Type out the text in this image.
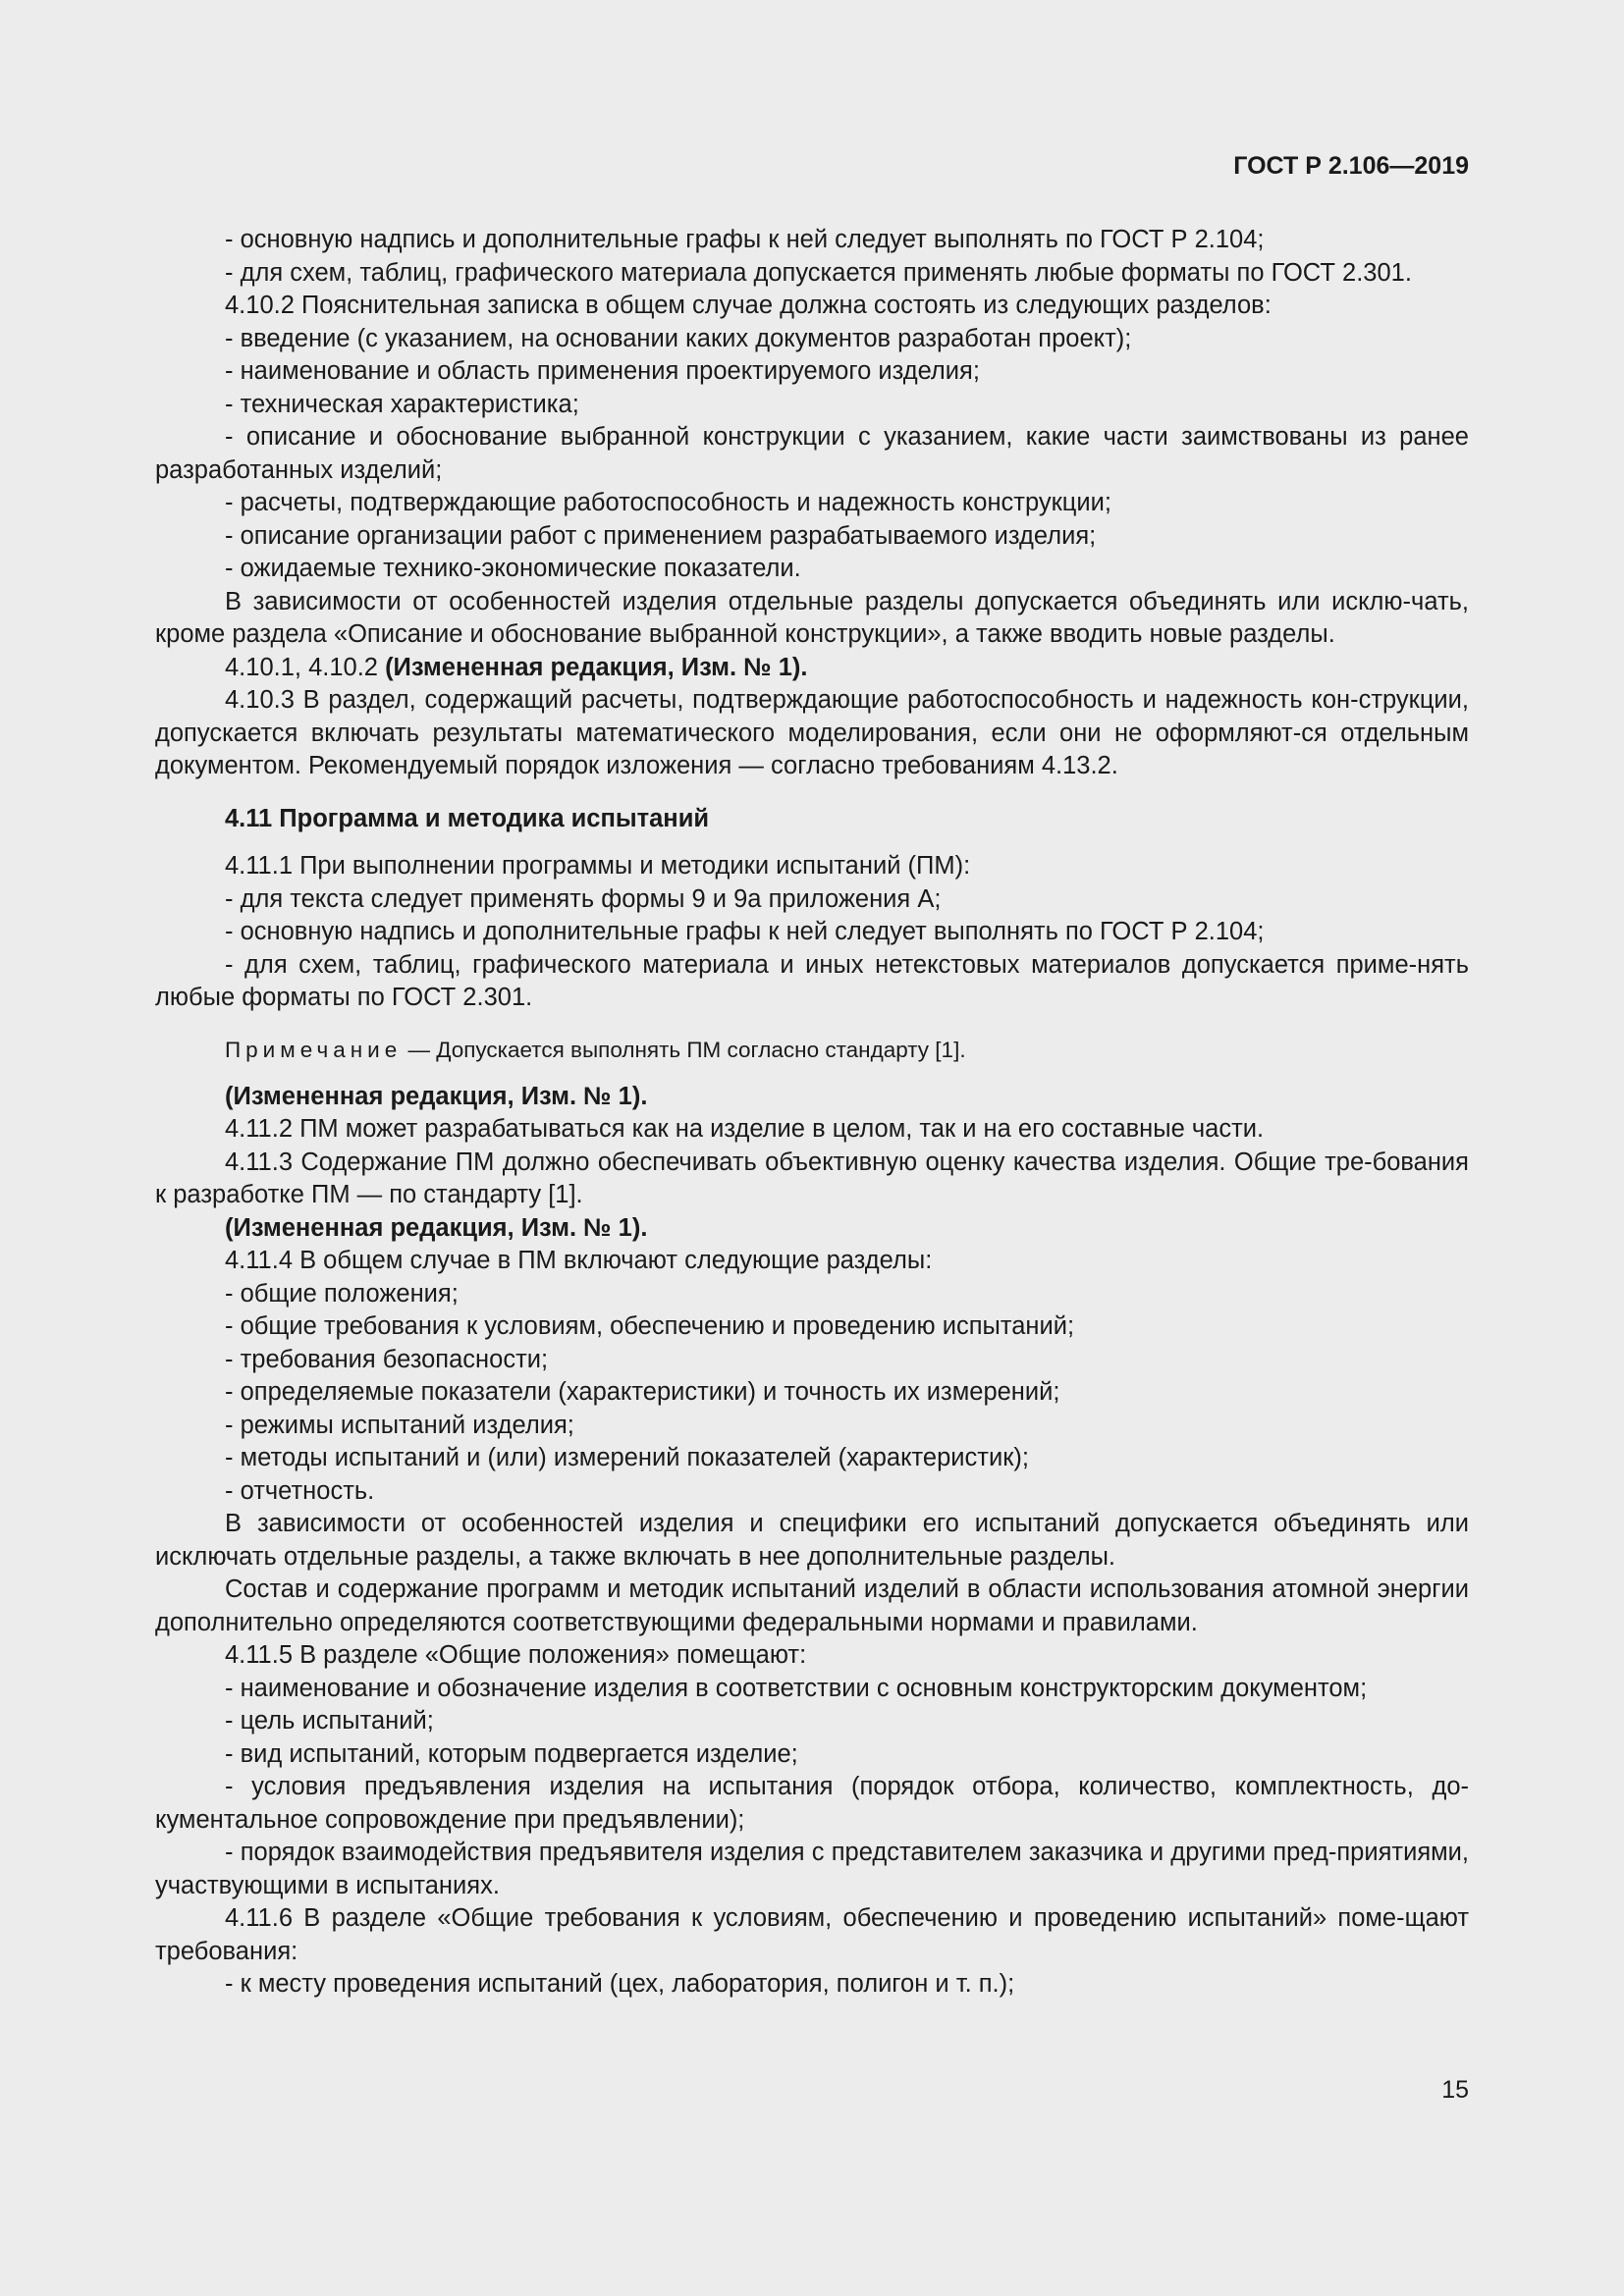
ГОСТ Р 2.106—2019

- основную надпись и дополнительные графы к ней следует выполнять по ГОСТ Р 2.104;

- для схем, таблиц, графического материала допускается применять любые форматы по ГОСТ 2.301.

4.10.2 Пояснительная записка в общем случае должна состоять из следующих разделов:

- введение (с указанием, на основании каких документов разработан проект);

- наименование и область применения проектируемого изделия;

- техническая характеристика;

- описание и обоснование выбранной конструкции с указанием, какие части заимствованы из ранее разработанных изделий;

- расчеты, подтверждающие работоспособность и надежность конструкции;

- описание организации работ с применением разрабатываемого изделия;

- ожидаемые технико-экономические показатели.

В зависимости от особенностей изделия отдельные разделы допускается объединять или исклю-чать, кроме раздела «Описание и обоснование выбранной конструкции», а также вводить новые разделы.

4.10.1, 4.10.2 (Измененная редакция, Изм. № 1).

4.10.3 В раздел, содержащий расчеты, подтверждающие работоспособность и надежность кон-струкции, допускается включать результаты математического моделирования, если они не оформляют-ся отдельным документом. Рекомендуемый порядок изложения — согласно требованиям 4.13.2.

4.11 Программа и методика испытаний

4.11.1 При выполнении программы и методики испытаний (ПМ):

- для текста следует применять формы 9 и 9а приложения А;

- основную надпись и дополнительные графы к ней следует выполнять по ГОСТ Р 2.104;

- для схем, таблиц, графического материала и иных нетекстовых материалов допускается приме-нять любые форматы по ГОСТ 2.301.

Примечание — Допускается выполнять ПМ согласно стандарту [1].

(Измененная редакция, Изм. № 1).

4.11.2 ПМ может разрабатываться как на изделие в целом, так и на его составные части.

4.11.3 Содержание ПМ должно обеспечивать объективную оценку качества изделия. Общие тре-бования к разработке ПМ — по стандарту [1].

(Измененная редакция, Изм. № 1).

4.11.4 В общем случае в ПМ включают следующие разделы:

- общие положения;

- общие требования к условиям, обеспечению и проведению испытаний;

- требования безопасности;

- определяемые показатели (характеристики) и точность их измерений;

- режимы испытаний изделия;

- методы испытаний и (или) измерений показателей (характеристик);

- отчетность.

В зависимости от особенностей изделия и специфики его испытаний допускается объединять или исключать отдельные разделы, а также включать в нее дополнительные разделы.

Состав и содержание программ и методик испытаний изделий в области использования атомной энергии дополнительно определяются соответствующими федеральными нормами и правилами.

4.11.5 В разделе «Общие положения» помещают:

- наименование и обозначение изделия в соответствии с основным конструкторским документом;

- цель испытаний;

- вид испытаний, которым подвергается изделие;

- условия предъявления изделия на испытания (порядок отбора, количество, комплектность, до-кументальное сопровождение при предъявлении);

- порядок взаимодействия предъявителя изделия с представителем заказчика и другими пред-приятиями, участвующими в испытаниях.

4.11.6 В разделе «Общие требования к условиям, обеспечению и проведению испытаний» поме-щают требования:

- к месту проведения испытаний (цех, лаборатория, полигон и т. п.);

15
